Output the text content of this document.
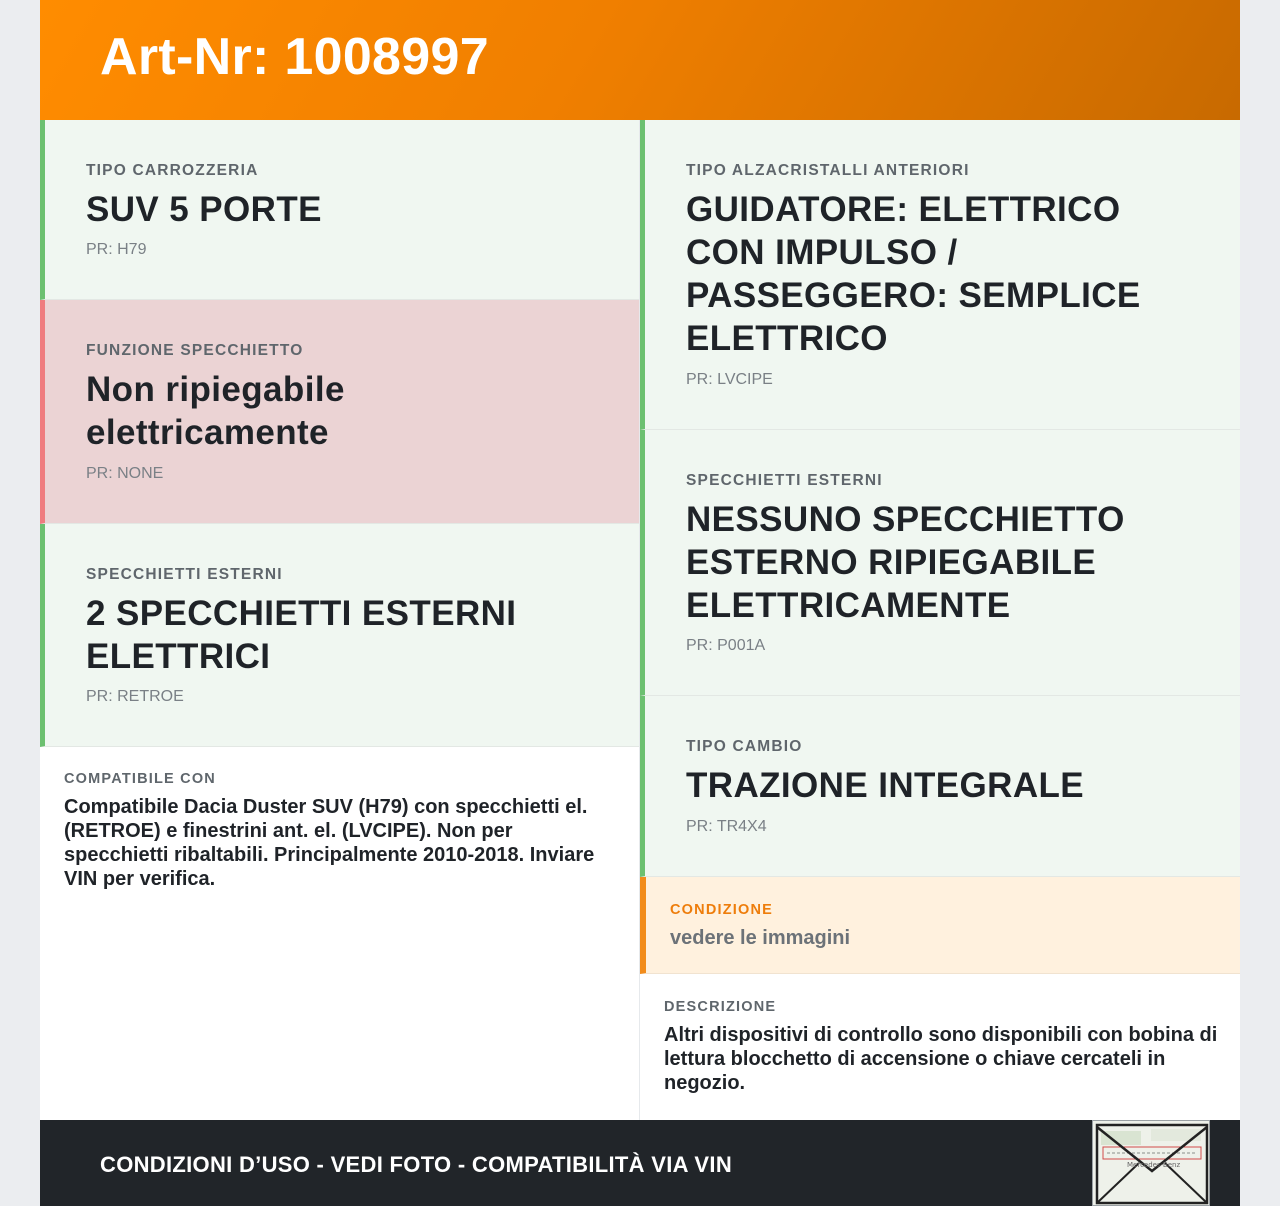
Art-Nr: 1008997
TIPO CARROZZERIA
SUV 5 PORTE
PR: H79
FUNZIONE SPECCHIETTO
Non ripiegabile
elettricamente
PR: NONE
SPECCHIETTI ESTERNI
2 SPECCHIETTI ESTERNI
ELETTRICI
PR: RETROE
COMPATIBILE CON
Compatibile Dacia Duster SUV (H79) con specchietti el.
(RETROE) e finestrini ant. el. (LVCIPE). Non per
specchietti ribaltabili. Principalmente 2010-2018. Inviare
VIN per verifica.
TIPO ALZACRISTALLI ANTERIORI
GUIDATORE: ELETTRICO
CON IMPULSO /
PASSEGGERO: SEMPLICE
ELETTRICO
PR: LVCIPE
SPECCHIETTI ESTERNI
NESSUNO SPECCHIETTO
ESTERNO RIPIEGABILE
ELETTRICAMENTE
PR: P001A
TIPO CAMBIO
TRAZIONE INTEGRALE
PR: TR4X4
CONDIZIONE
vedere le immagini
DESCRIZIONE
Altri dispositivi di controllo sono disponibili con bobina di
lettura blocchetto di accensione o chiave cercateli in
negozio.
CONDIZIONI D’USO - VEDI FOTO - COMPATIBILITÀ VIA VIN	Mercedes-Benz
